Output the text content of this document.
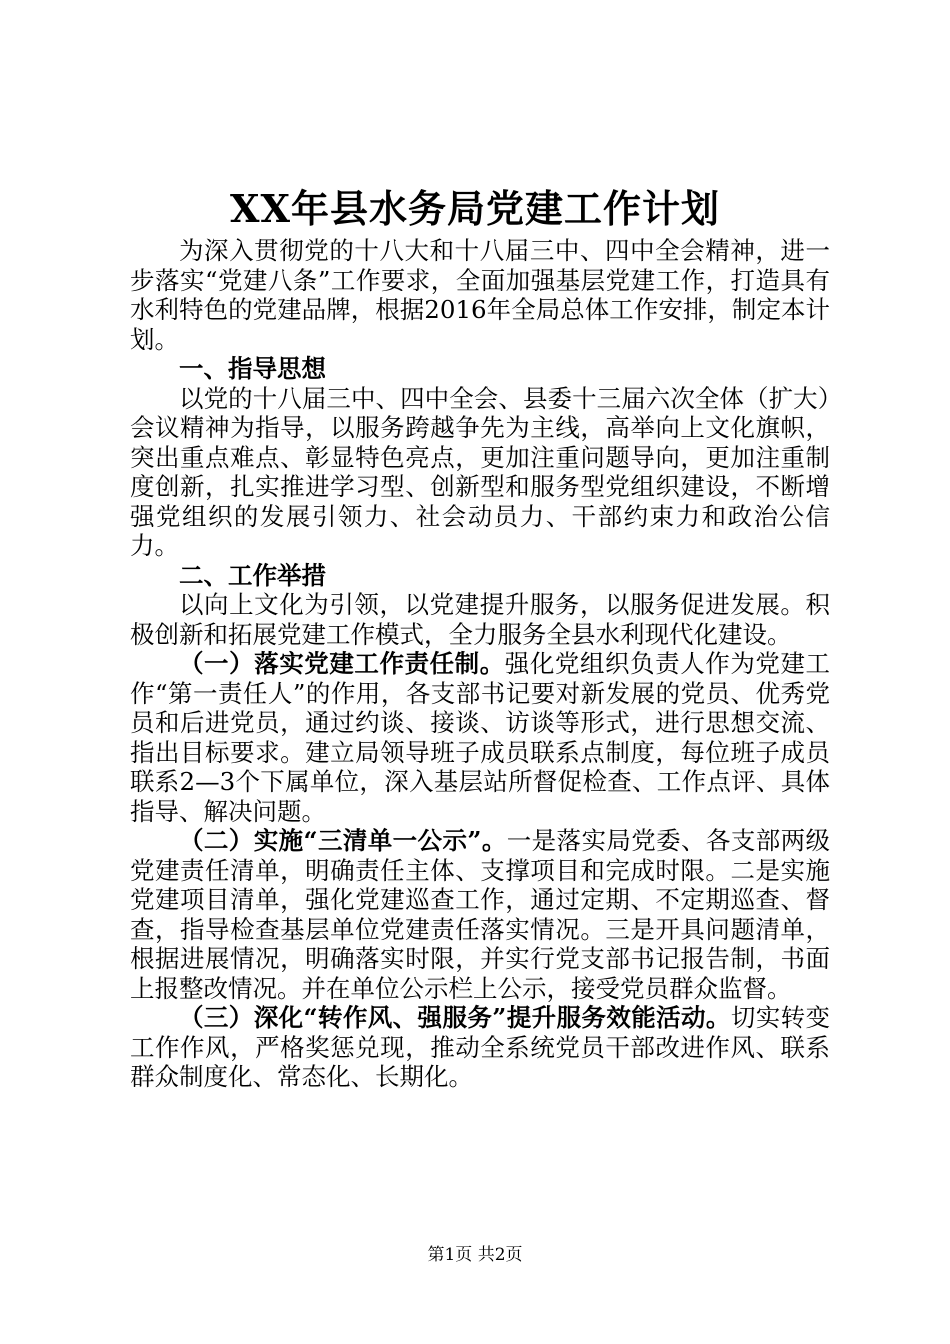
XX年县水务局党建工作计划

为深入贯彻党的十八大和十八届三中、四中全会精神，进一步落实“党建八条”工作要求，全面加强基层党建工作，打造具有水利特色的党建品牌，根据2016年全局总体工作安排，制定本计划。

一、指导思想

以党的十八届三中、四中全会、县委十三届六次全体（扩大）会议精神为指导，以服务跨越争先为主线，高举向上文化旗帜，突出重点难点、彰显特色亮点，更加注重问题导向，更加注重制度创新，扎实推进学习型、创新型和服务型党组织建设，不断增强党组织的发展引领力、社会动员力、干部约束力和政治公信力。

二、工作举措

以向上文化为引领，以党建提升服务，以服务促进发展。积极创新和拓展党建工作模式，全力服务全县水利现代化建设。

（一）落实党建工作责任制。强化党组织负责人作为党建工作“第一责任人”的作用，各支部书记要对新发展的党员、优秀党员和后进党员，通过约谈、接谈、访谈等形式，进行思想交流、指出目标要求。建立局领导班子成员联系点制度，每位班子成员联系2—3个下属单位，深入基层站所督促检查、工作点评、具体指导、解决问题。

（二）实施“三清单一公示”。一是落实局党委、各支部两级党建责任清单，明确责任主体、支撑项目和完成时限。二是实施党建项目清单，强化党建巡查工作，通过定期、不定期巡查、督查，指导检查基层单位党建责任落实情况。三是开具问题清单，根据进展情况，明确落实时限，并实行党支部书记报告制，书面上报整改情况。并在单位公示栏上公示，接受党员群众监督。

（三）深化“转作风、强服务”提升服务效能活动。切实转变工作作风，严格奖惩兑现，推动全系统党员干部改进作风、联系群众制度化、常态化、长期化。

第1页 共2页
